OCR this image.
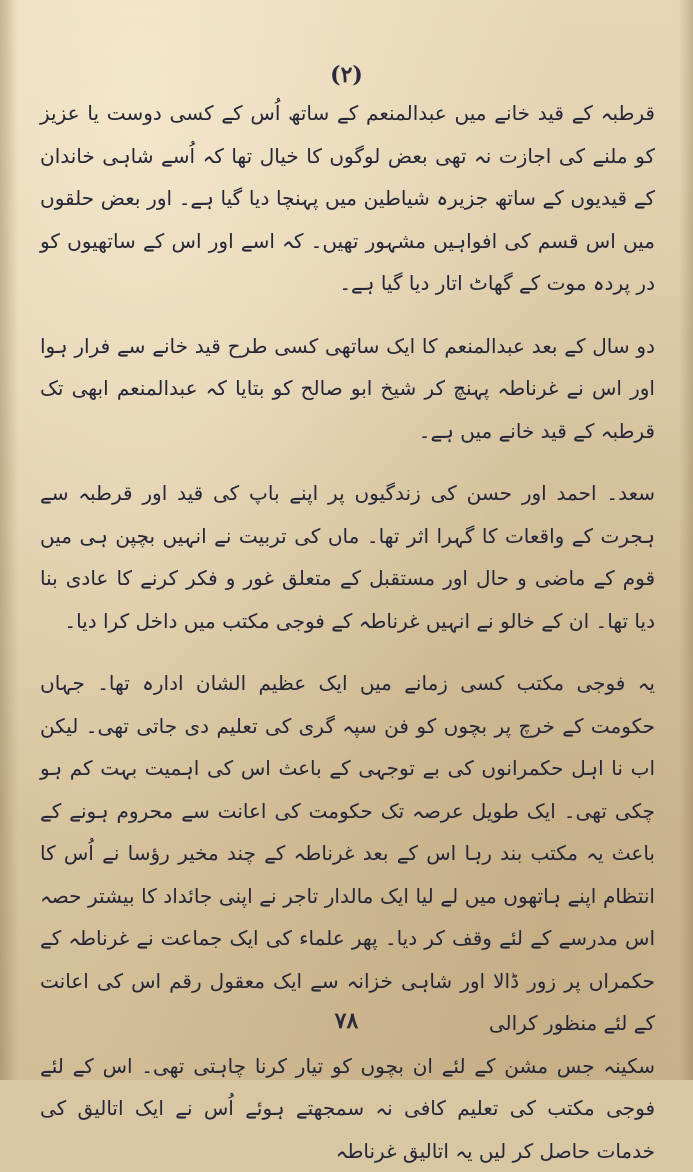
(۲)

قرطبہ کے قید خانے میں عبدالمنعم کے ساتھ اُس کے کسی دوست یا عزیز کو ملنے کی اجازت نہ تھی بعض لوگوں کا خیال تھا کہ اُسے شاہی خاندان کے قیدیوں کے ساتھ جزیرہ شیاطین میں پہنچا دیا گیا ہے۔ اور بعض حلقوں میں اس قسم کی افواہیں مشہور تھیں۔ کہ اسے اور اس کے ساتھیوں کو در پردہ موت کے گھاٹ اتار دیا گیا ہے۔

دو سال کے بعد عبدالمنعم کا ایک ساتھی کسی طرح قید خانے سے فرار ہوا اور اس نے غرناطہ پہنچ کر شیخ ابو صالح کو بتایا کہ عبدالمنعم ابھی تک قرطبہ کے قید خانے میں ہے۔

سعد۔ احمد اور حسن کی زندگیوں پر اپنے باپ کی قید اور قرطبہ سے ہجرت کے واقعات کا گہرا اثر تھا۔ ماں کی تربیت نے انہیں بچپن ہی میں قوم کے ماضی و حال اور مستقبل کے متعلق غور و فکر کرنے کا عادی بنا دیا تھا۔ ان کے خالو نے انہیں غرناطہ کے فوجی مکتب میں داخل کرا دیا۔

یہ فوجی مکتب کسی زمانے میں ایک عظیم الشان ادارہ تھا۔ جہاں حکومت کے خرچ پر بچوں کو فن سپہ گری کی تعلیم دی جاتی تھی۔ لیکن اب نا اہل حکمرانوں کی بے توجہی کے باعث اس کی اہمیت بہت کم ہو چکی تھی۔ ایک طویل عرصہ تک حکومت کی اعانت سے محروم ہونے کے باعث یہ مکتب بند رہا اس کے بعد غرناطہ کے چند مخیر رؤسا نے اُس کا انتظام اپنے ہاتھوں میں لے لیا ایک مالدار تاجر نے اپنی جائداد کا بیشتر حصہ اس مدرسے کے لئے وقف کر دیا۔ پھر علماء کی ایک جماعت نے غرناطہ کے حکمراں پر زور ڈالا اور شاہی خزانہ سے ایک معقول رقم اس کی اعانت کے لئے منظور کرالی

سکینہ جس مشن کے لئے ان بچوں کو تیار کرنا چاہتی تھی۔ اس کے لئے فوجی مکتب کی تعلیم کافی نہ سمجھتے ہوئے اُس نے ایک اتالیق کی خدمات حاصل کر لیں یہ اتالیق غرناطہ

۷۸
